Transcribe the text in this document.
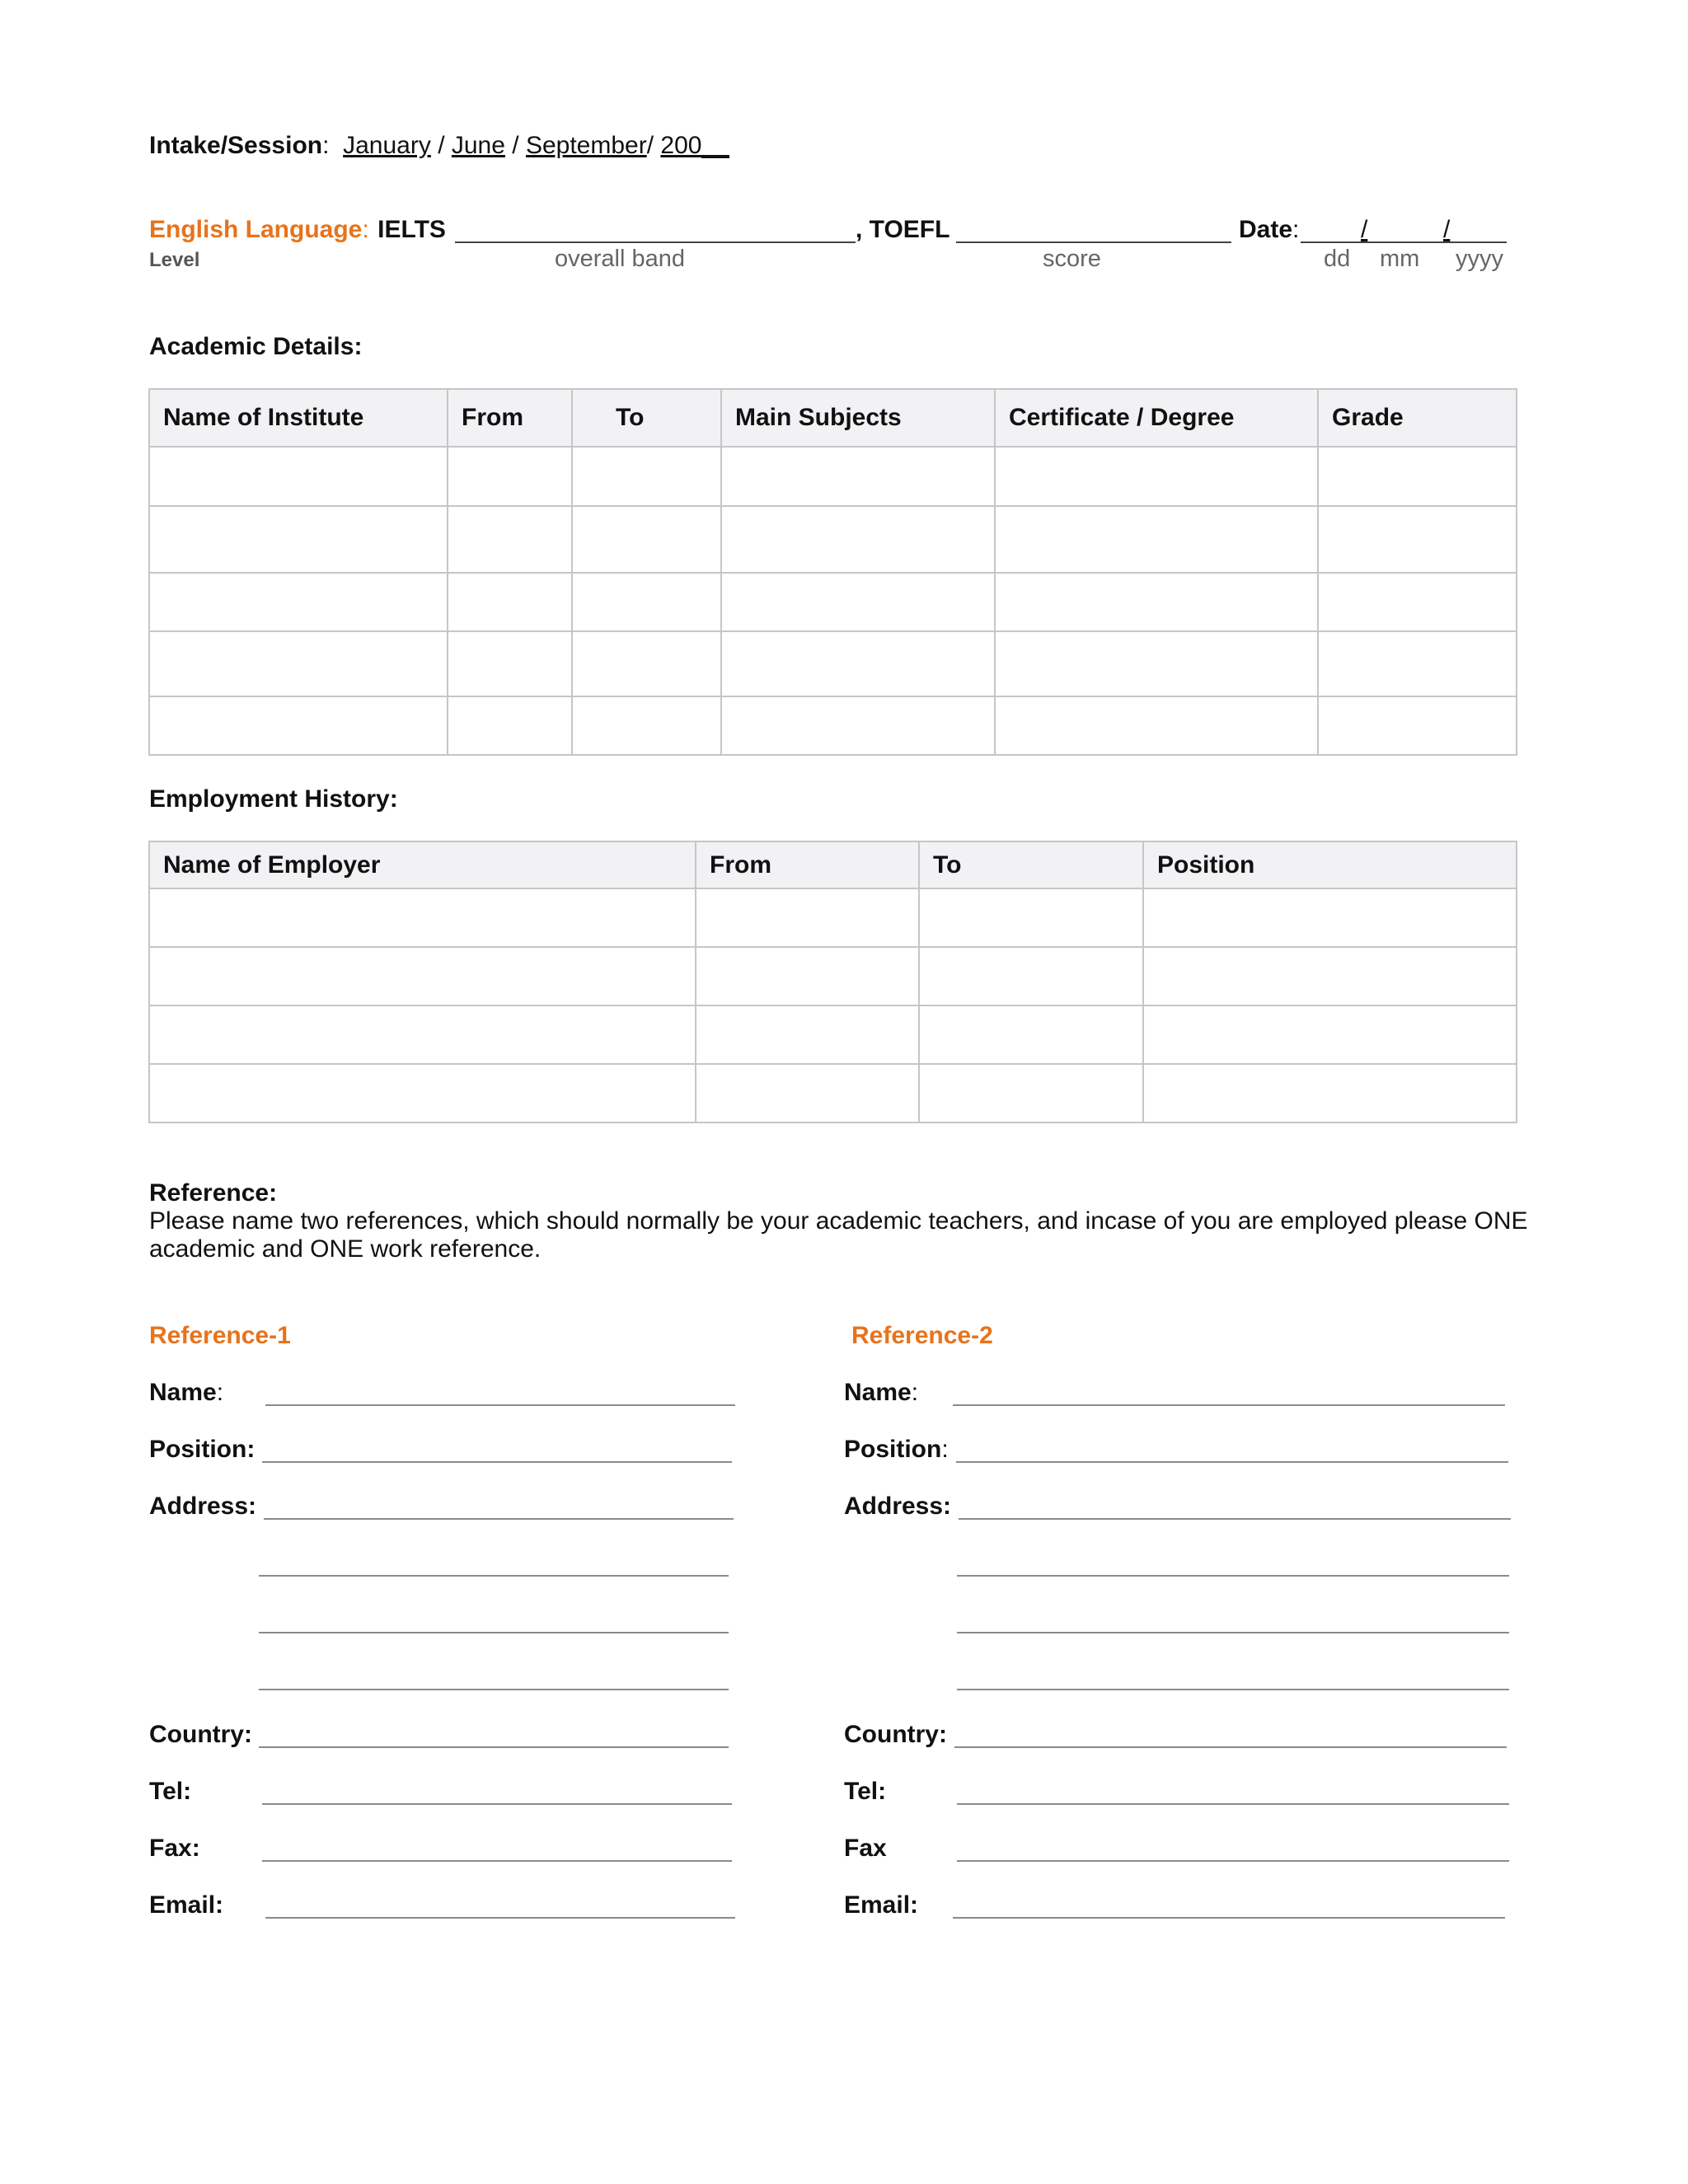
Intake/Session: January / June / September/ 200__
English Language: IELTS
Level	overall band
, TOEFL
score
Date: /	/
dd mm yyyy
Academic Details:
Name of Institute	From	To	Main Subjects	Certificate / Degree	Grade

Employment History:
Name of Employer	From	To	Position

Reference:
Please name two references, which should normally be your academic teachers, and incase of you are employed please ONE
academic and ONE work reference.
Reference-1
Name:
Position:
Address:
Country:
Tel:
Fax:
Email:
Reference-2
Name:
Position:
Address:
Country:
Tel:
Fax
Email:
